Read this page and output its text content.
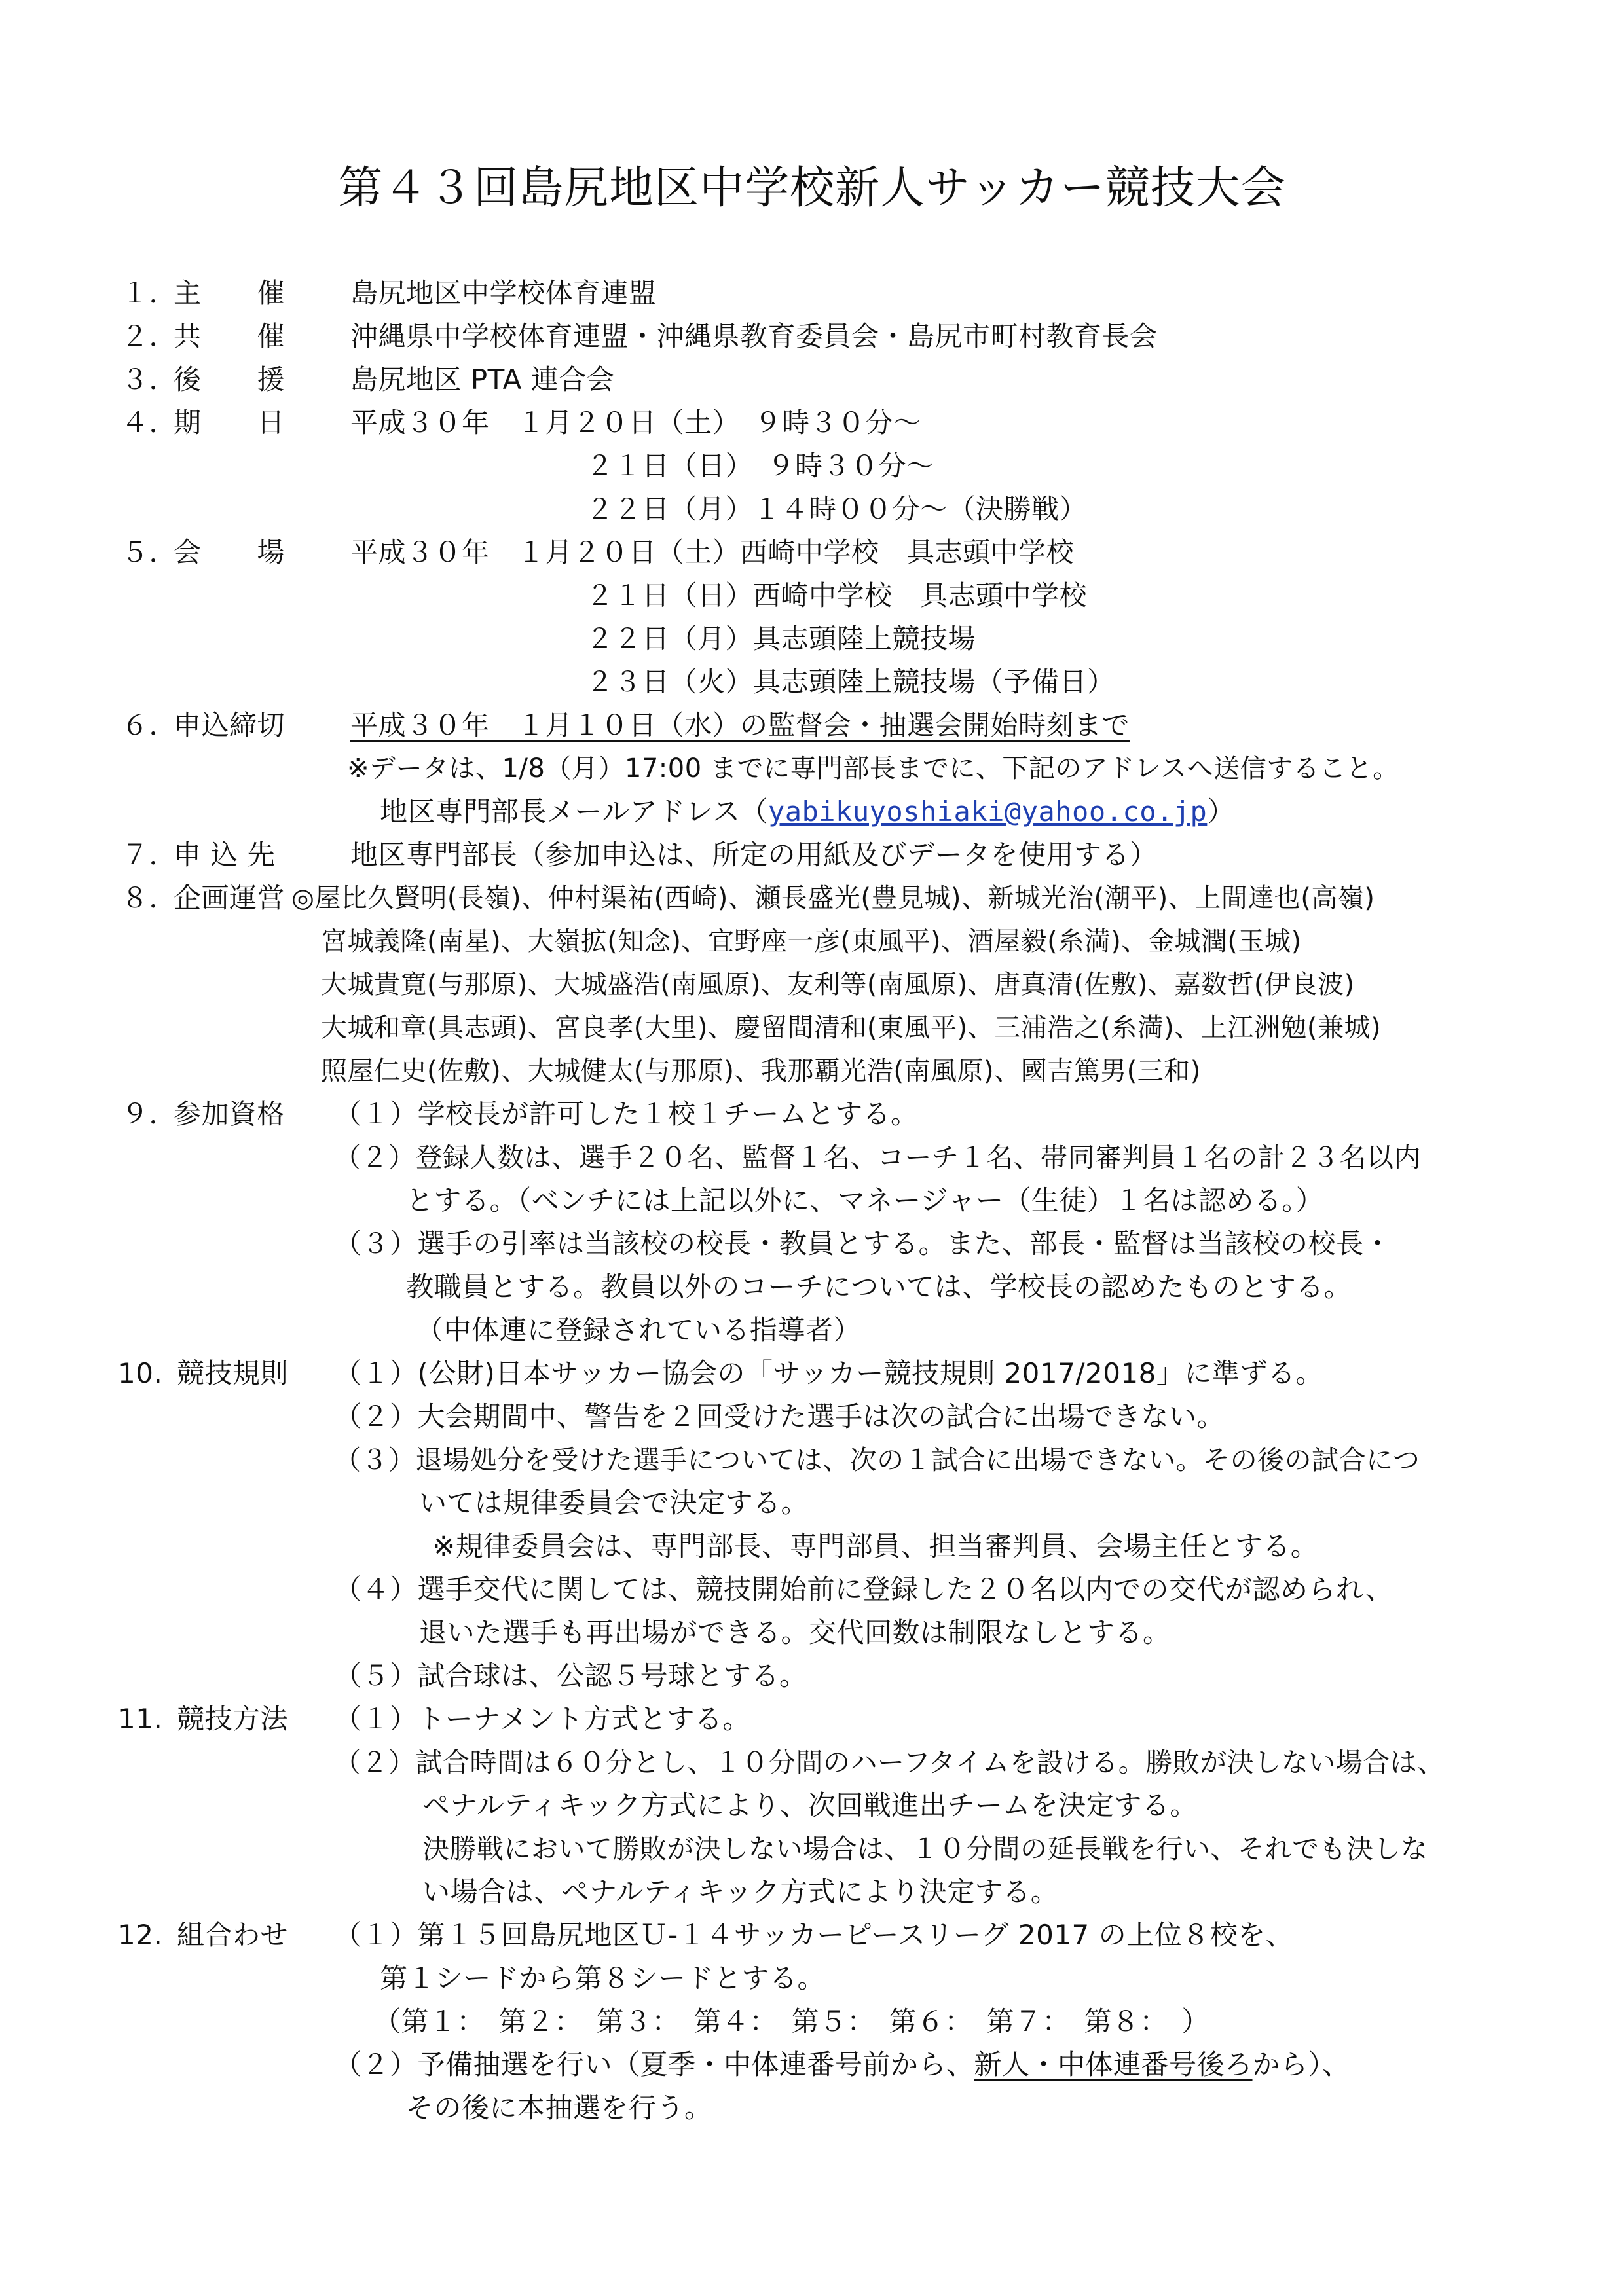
第４３回島尻地区中学校新人サッカー競技大会
１．
主　　催 島尻地区中学校体育連盟
２．
共　　催 沖縄県中学校体育連盟・沖縄県教育委員会・島尻市町村教育長会
３．
後　　援 島尻地区 PTA 連合会
４．
期　　日 平成３０年　１月２０日（土）　９時３０分～
２１日（日）　９時３０分～
２２日（月）１４時００分～（決勝戦）
５．
会　　場 平成３０年　１月２０日（土）西崎中学校　具志頭中学校
２１日（日）西崎中学校　具志頭中学校
２２日（月）具志頭陸上競技場
２３日（火）具志頭陸上競技場（予備日）
６．
申込締切 平成３０年　１月１０日（水）の監督会・抽選会開始時刻まで
※データは、1/8（月）17:00 までに専門部長までに、下記のアドレスへ送信すること。
地区専門部長メールアドレス（yabikuyoshiaki@yahoo.co.jp）
７．
申 込 先	地区専門部長（参加申込は、所定の用紙及びデータを使用する）
８．
企画運営 ◎屋比久賢明(長嶺)、仲村渠祐(西崎)、瀬長盛光(豊見城)、新城光治(潮平)、上間達也(高嶺)
宮城義隆(南星)、大嶺拡(知念)、宜野座一彦(東風平)、酒屋毅(糸満)、金城潤(玉城)
大城貴寛(与那原)、大城盛浩(南風原)、友利等(南風原)、唐真清(佐敷)、嘉数哲(伊良波)
大城和章(具志頭)、宮良孝(大里)、慶留間清和(東風平)、三浦浩之(糸満)、上江洲勉(兼城)
照屋仁史(佐敷)、大城健太(与那原)、我那覇光浩(南風原)、國吉篤男(三和)
９．
参加資格 （１）学校長が許可した１校１チームとする。
（２）登録人数は、選手２０名、監督１名、コーチ１名、帯同審判員１名の計２３名以内
とする。（ベンチには上記以外に、マネージャー（生徒）１名は認める。）
（３）選手の引率は当該校の校長・教員とする。また、部長・監督は当該校の校長・
教職員とする。教員以外のコーチについては、学校長の認めたものとする。
（中体連に登録されている指導者）
10. 競技規則 （１）(公財)日本サッカー協会の「サッカー競技規則 2017/2018」に準ずる。
（２）大会期間中、警告を２回受けた選手は次の試合に出場できない。
（３）退場処分を受けた選手については、次の１試合に出場できない。その後の試合につ
いては規律委員会で決定する。
※規律委員会は、専門部長、専門部員、担当審判員、会場主任とする。
（４）選手交代に関しては、競技開始前に登録した２０名以内での交代が認められ、
退いた選手も再出場ができる。交代回数は制限なしとする。
（５）試合球は、公認５号球とする。
11. 競技方法 （１）トーナメント方式とする。
（２）試合時間は６０分とし、１０分間のハーフタイムを設ける。勝敗が決しない場合は、
ペナルティキック方式により、次回戦進出チームを決定する。
決勝戦において勝敗が決しない場合は、１０分間の延長戦を行い、それでも決しな
い場合は、ペナルティキック方式により決定する。
12. 組合わせ （１）第１５回島尻地区Ｕ-１４サッカーピースリーグ 2017 の上位８校を、
第１シードから第８シードとする。
（第１：　第２：　第３：　第４：　第５：　第６：　第７：　第８：　）
（２）予備抽選を行い（夏季・中体連番号前から、新人・中体連番号後ろから）、
その後に本抽選を行う。
